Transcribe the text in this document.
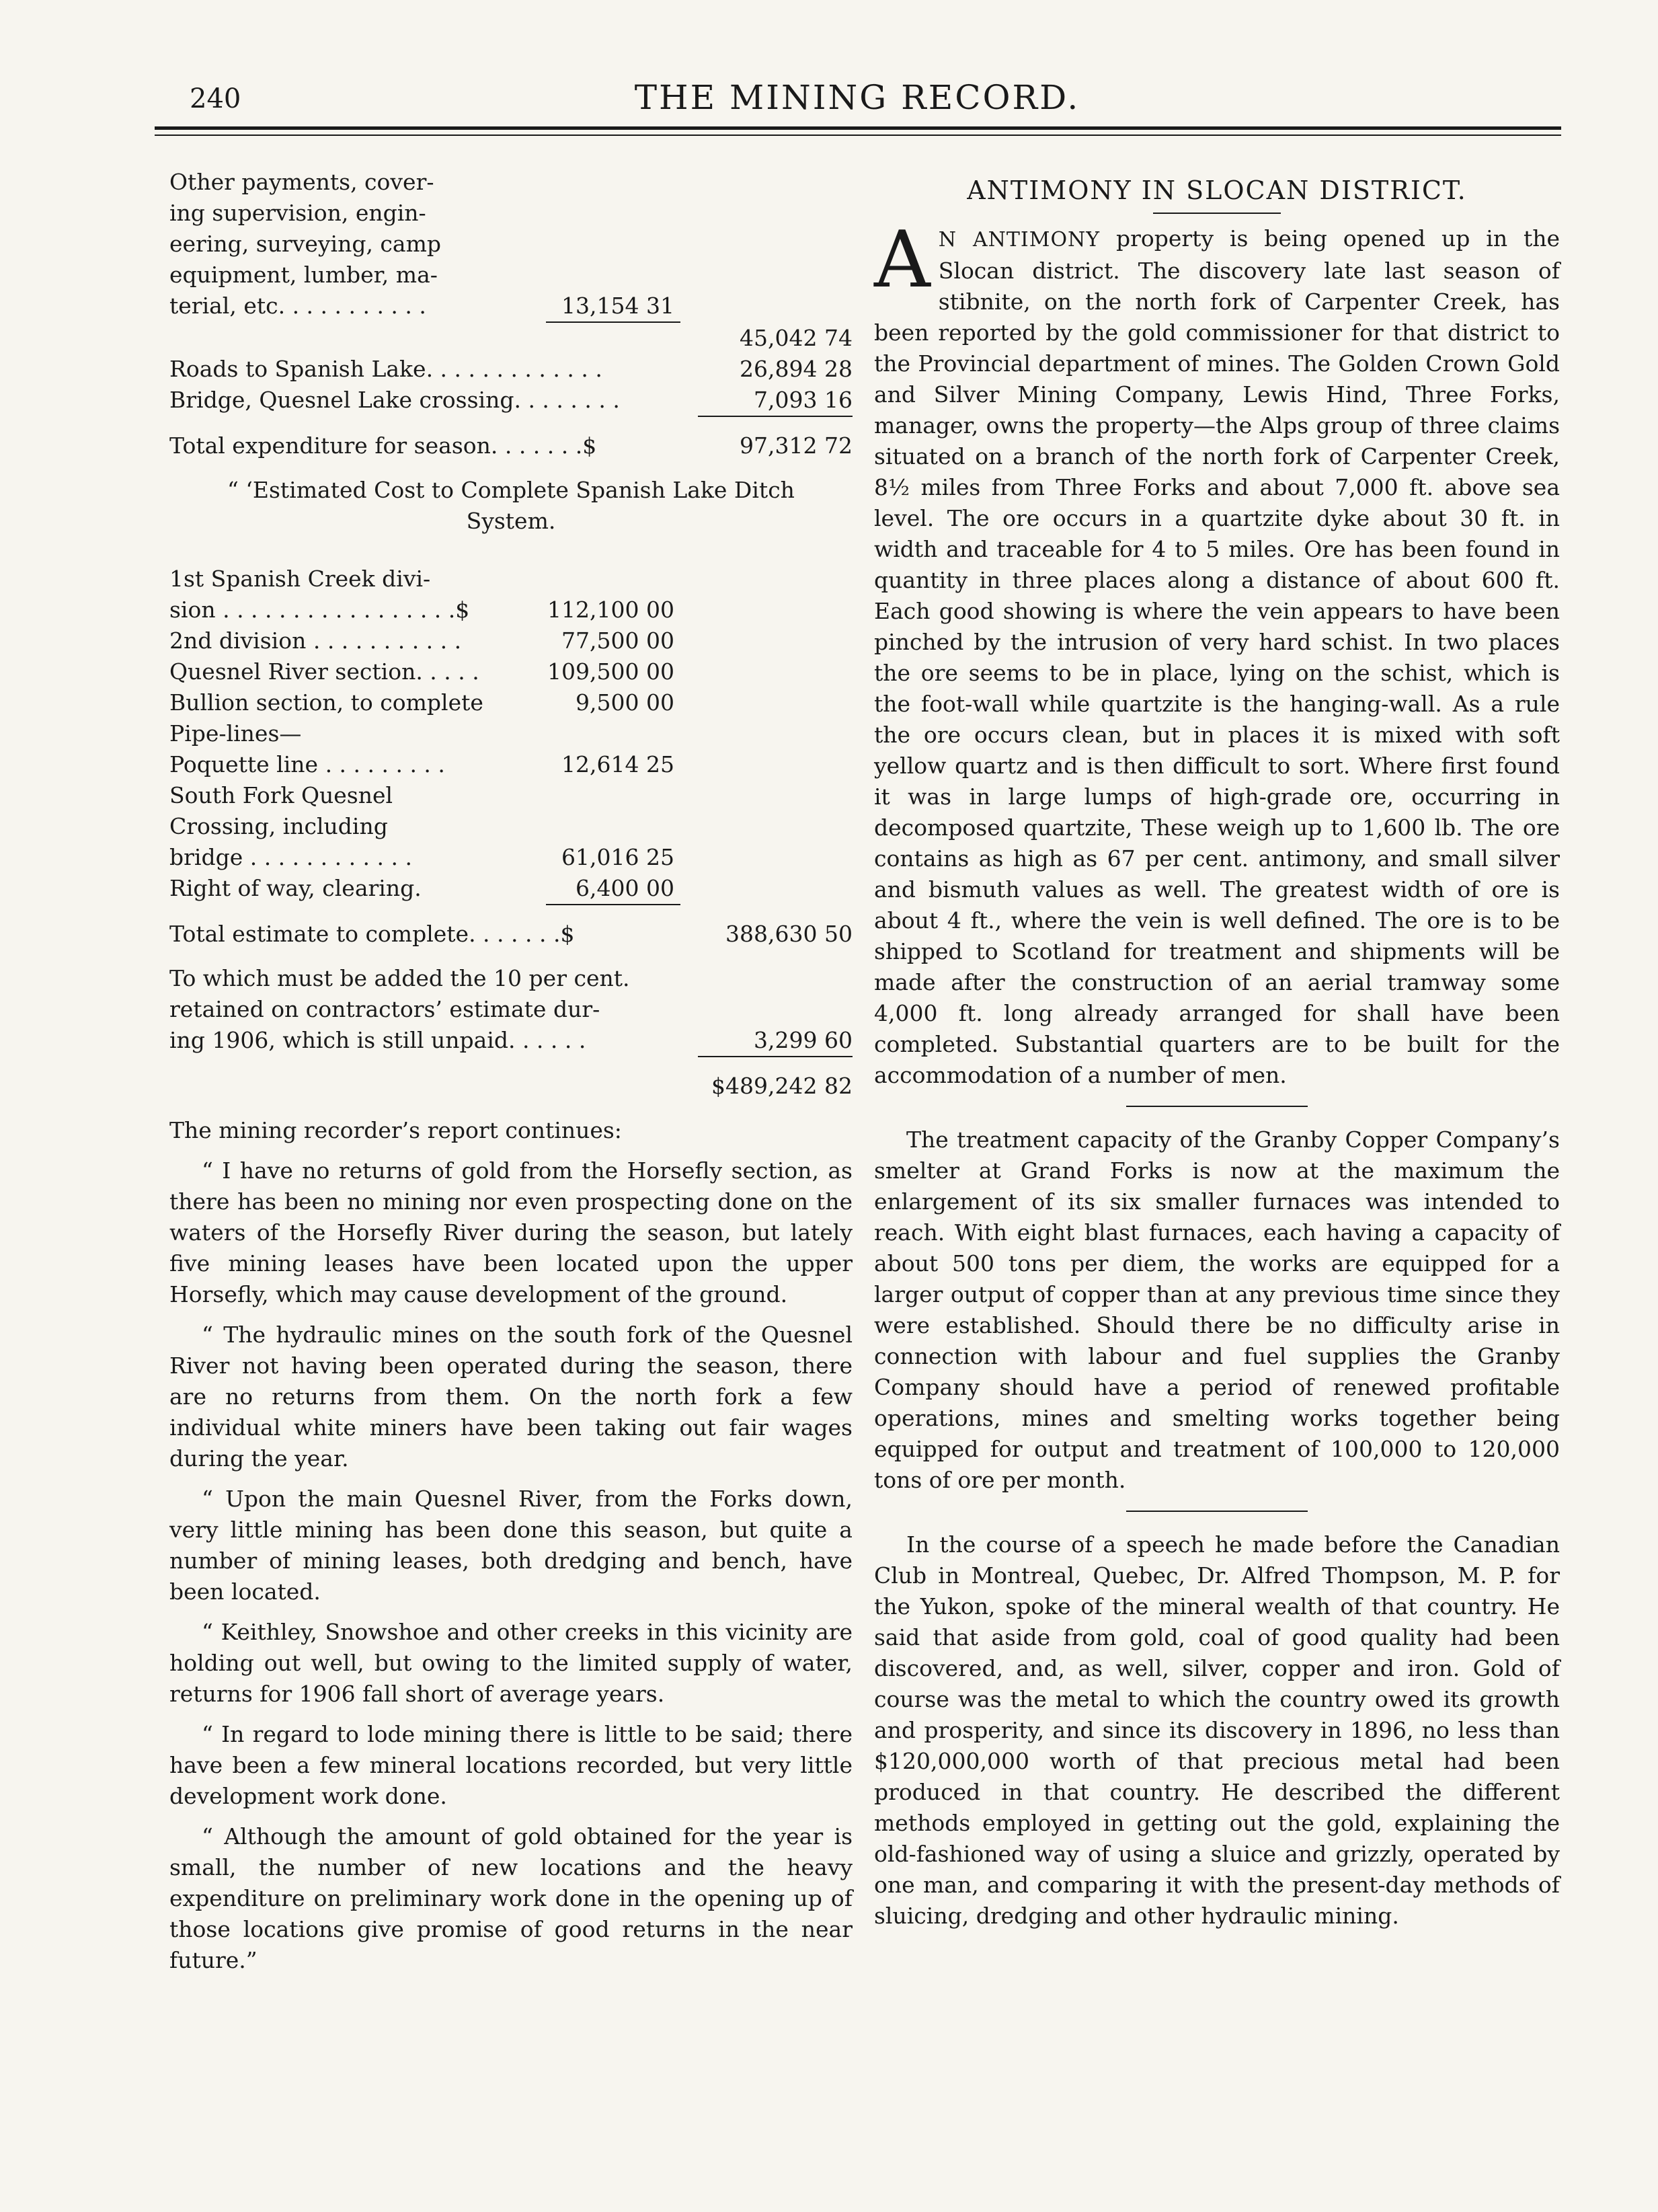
240	THE MINING RECORD.
Other payments, cover-
ing supervision, engin-
eering, surveying, camp
equipment, lumber, ma-
terial, etc. . . . . . . . . . .	13,154 31
45,042 74
Roads to Spanish Lake. . . . . . . . . . . . .	26,894 28
Bridge, Quesnel Lake crossing. . . . . . . .	7,093 16
Total expenditure for season. . . . . . .$	97,312 72
“ ‘Estimated Cost to Complete Spanish Lake Ditch
System.
1st Spanish Creek divi-
sion . . . . . . . . . . . . . . . . .$	112,100 00
2nd division . . . . . . . . . . .	77,500 00
Quesnel River section. . . . .	109,500 00
Bullion section, to complete	9,500 00
Pipe-lines—
Poquette line . . . . . . . . .	12,614 25
South Fork Quesnel
Crossing, including
bridge . . . . . . . . . . . .	61,016 25
Right of way, clearing.	6,400 00
Total estimate to complete. . . . . . .$	388,630 50
To which must be added the 10 per cent.
retained on contractors’ estimate dur-
ing 1906, which is still unpaid. . . . . .	3,299 60
$489,242 82

The mining recorder’s report continues:

“ I have no returns of gold from the Horsefly section, as there has been no mining nor even prospecting done on the waters of the Horsefly River during the season, but lately five mining leases have been located upon the upper Horsefly, which may cause development of the ground.

“ The hydraulic mines on the south fork of the Quesnel River not having been operated during the season, there are no returns from them. On the north fork a few individual white miners have been taking out fair wages during the year.

“ Upon the main Quesnel River, from the Forks down, very little mining has been done this season, but quite a number of mining leases, both dredging and bench, have been located.

“ Keithley, Snowshoe and other creeks in this vicinity are holding out well, but owing to the limited supply of water, returns for 1906 fall short of average years.

“ In regard to lode mining there is little to be said; there have been a few mineral locations recorded, but very little development work done.

“ Although the amount of gold obtained for the year is small, the number of new locations and the heavy expenditure on preliminary work done in the opening up of those locations give promise of good returns in the near future.”

ANTIMONY IN SLOCAN DISTRICT.

A N ANTIMONY property is being opened up in the Slocan district. The discovery late last season of stibnite, on the north fork of Carpenter Creek, has been reported by the gold commissioner for that district to the Provincial department of mines. The Golden Crown Gold and Silver Mining Company, Lewis Hind, Three Forks, manager, owns the property—the Alps group of three claims situated on a branch of the north fork of Carpenter Creek, 8½ miles from Three Forks and about 7,000 ft. above sea level. The ore occurs in a quartzite dyke about 30 ft. in width and traceable for 4 to 5 miles. Ore has been found in quantity in three places along a distance of about 600 ft. Each good showing is where the vein appears to have been pinched by the intrusion of very hard schist. In two places the ore seems to be in place, lying on the schist, which is the foot-wall while quartzite is the hanging-wall. As a rule the ore occurs clean, but in places it is mixed with soft yellow quartz and is then difficult to sort. Where first found it was in large lumps of high-grade ore, occurring in decomposed quartzite, These weigh up to 1,600 lb. The ore contains as high as 67 per cent. antimony, and small silver and bismuth values as well. The greatest width of ore is about 4 ft., where the vein is well defined. The ore is to be shipped to Scotland for treatment and shipments will be made after the construction of an aerial tramway some 4,000 ft. long already arranged for shall have been completed. Substantial quarters are to be built for the accommodation of a number of men.

The treatment capacity of the Granby Copper Company’s smelter at Grand Forks is now at the maximum the enlargement of its six smaller furnaces was intended to reach. With eight blast furnaces, each having a capacity of about 500 tons per diem, the works are equipped for a larger output of copper than at any previous time since they were established. Should there be no difficulty arise in connection with labour and fuel supplies the Granby Company should have a period of renewed profitable operations, mines and smelting works together being equipped for output and treatment of 100,000 to 120,000 tons of ore per month.

In the course of a speech he made before the Canadian Club in Montreal, Quebec, Dr. Alfred Thompson, M. P. for the Yukon, spoke of the mineral wealth of that country. He said that aside from gold, coal of good quality had been discovered, and, as well, silver, copper and iron. Gold of course was the metal to which the country owed its growth and prosperity, and since its discovery in 1896, no less than $120,000,000 worth of that precious metal had been produced in that country. He described the different methods employed in getting out the gold, explaining the old-fashioned way of using a sluice and grizzly, operated by one man, and comparing it with the present-day methods of sluicing, dredging and other hydraulic mining.
